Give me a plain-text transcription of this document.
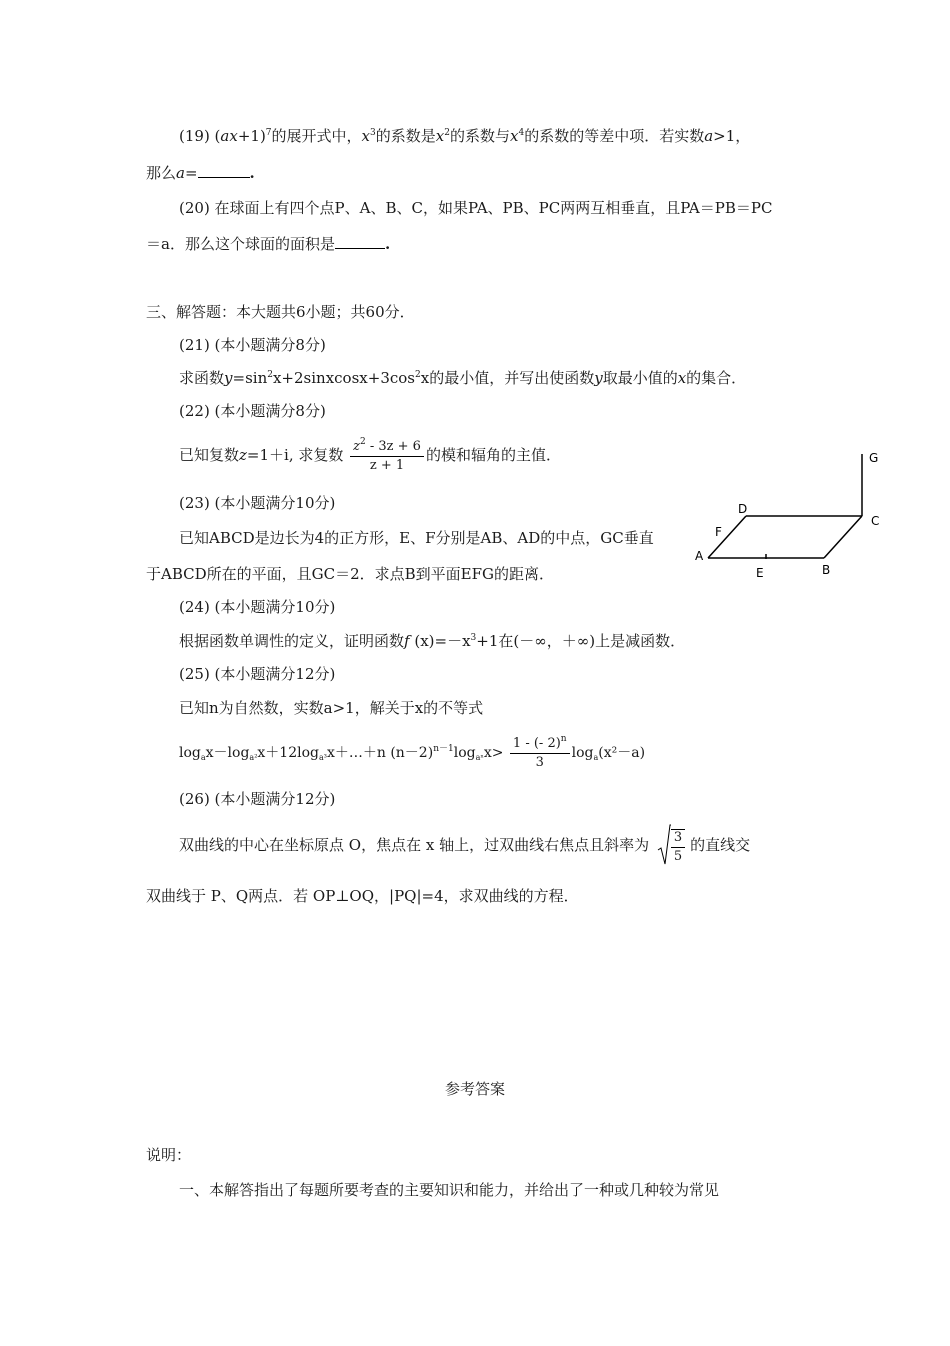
(19) $(ax+1)^7$的展开式中，$x^3$的系数是$x^2$的系数与$x^4$的系数的等差中项．若实数a>1，
那么a=	.
(20) 在球面上有四个点P、A、B、C，如果PA、PB、PC两两互相垂直，且PA＝PB＝PC
＝a．那么这个球面的面积是	.
三、解答题：本大题共6小题；共60分．
(21) (本小题满分8分)
求函数$y=\sin^2x+2sinxcosx+3\cos^2x$的最小值，并写出使函数y取最小值的x的集合．
(22) (本小题满分8分)
已知复数z=1＋i, 求复数 $\frac{z^2 - 3z + 6}{z + 1}$ 的模和辐角的主值．
(23) (本小题满分10分)
已知ABCD是边长为4的正方形，E、F分别是AB、AD的中点，GC垂直
于ABCD所在的平面，且GC＝2．求点B到平面EFG的距离．
A
B
C
D
E
F
G
(24) (本小题满分10分)
根据函数单调性的定义，证明函数f $(x)=-x^3+1$在(－∞，＋∞)上是减函数．
(25) (本小题满分12分)
已知n为自然数，实数a>1，解关于x的不等式
$\log_ax-\log_{a^2}x+12\log_{a^3}x+\dots+n$ $(n-2)^{n-1}\log_{a^n}x> \frac{1 - (- 2)^n}{3} \log_a(x^2-a)$
(26) (本小题满分12分)
双曲线的中心在坐标原点 O，焦点在 x 轴上，过双曲线右焦点且斜率为 $\frac{3}{5}$ 的直线交
双曲线于 P、Q两点．若 OP⊥OQ，|PQ|=4，求双曲线的方程．
参考答案
说明：
一、本解答指出了每题所要考查的主要知识和能力，并给出了一种或几种较为常见
